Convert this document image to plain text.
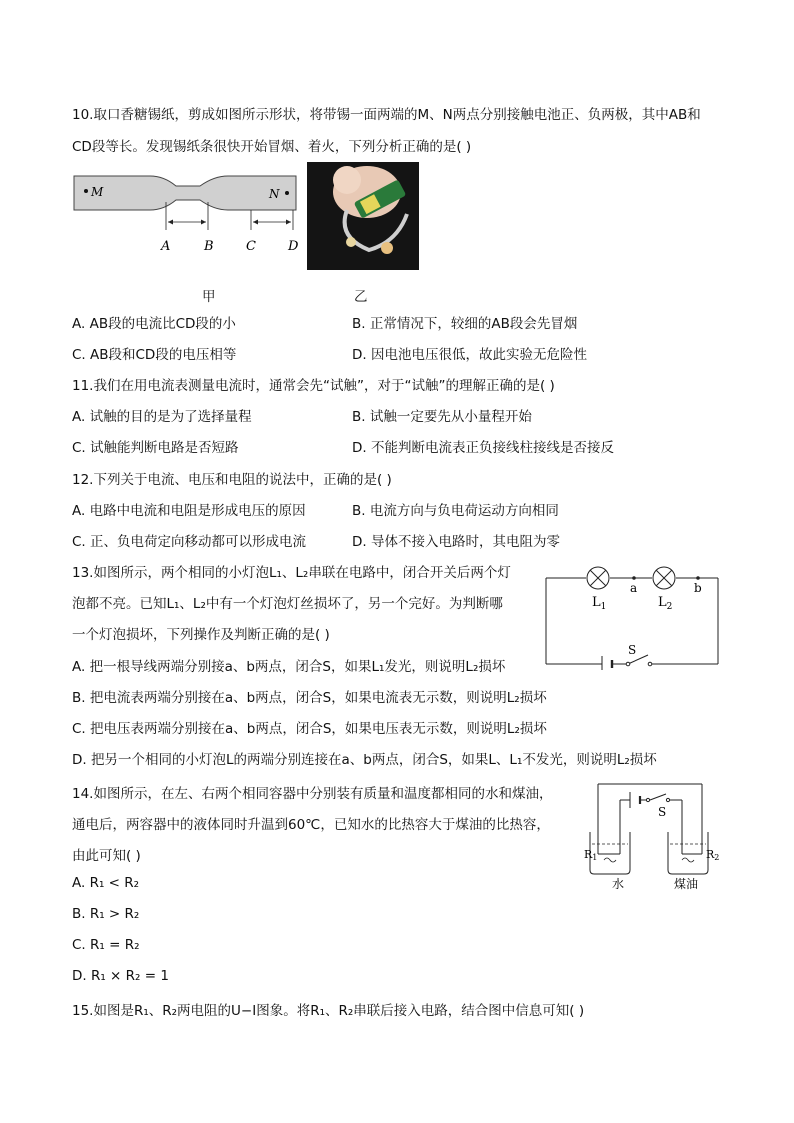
10.取口香糖锡纸，剪成如图所示形状，将带锡一面两端的M、N两点分别接触电池正、负两极，其中AB和
CD段等长。发现锡纸条很快开始冒烟、着火，下列分析正确的是( )
M	N
A	B C D
甲	乙
A. AB段的电流比CD段的小	B. 正常情况下，较细的AB段会先冒烟
C. AB段和CD段的电压相等	D. 因电池电压很低，故此实验无危险性
11.我们在用电流表测量电流时，通常会先“试触”，对于“试触”的理解正确的是( )
A. 试触的目的是为了选择量程	B. 试触一定要先从小量程开始
C. 试触能判断电路是否短路	D. 不能判断电流表正负接线柱接线是否接反
12.下列关于电流、电压和电阻的说法中，正确的是( )
A. 电路中电流和电阻是形成电压的原因	B. 电流方向与负电荷运动方向相同
C. 正、负电荷定向移动都可以形成电流	D. 导体不接入电路时，其电阻为零
13.如图所示，两个相同的小灯泡L₁、L₂串联在电路中，闭合开关后两个灯
泡都不亮。已知L₁、L₂中有一个灯泡灯丝损坏了，另一个完好。为判断哪
一个灯泡损坏，下列操作及判断正确的是( )
A. 把一根导线两端分别接a、b两点，闭合S，如果L₁发光，则说明L₂损坏
B. 把电流表两端分别接在a、b两点，闭合S，如果电流表无示数，则说明L₂损坏
C. 把电压表两端分别接在a、b两点，闭合S，如果电压表无示数，则说明L₂损坏
D. 把另一个相同的小灯泡L的两端分别连接在a、b两点，闭合S，如果L、L₁不发光，则说明L₂损坏
$L_1$	$L_2$
a	b
S
14.如图所示，在左、右两个相同容器中分别装有质量和温度都相同的水和煤油，
通电后，两容器中的液体同时升温到60℃，已知水的比热容大于煤油的比热容，
由此可知( )
A. R₁ < R₂
B. R₁ > R₂
C. R₁ = R₂
D. R₁ × R₂ = 1
S
R1	R2
水	煤油
15.如图是R₁、R₂两电阻的U−I图象。将R₁、R₂串联后接入电路，结合图中信息可知( )
